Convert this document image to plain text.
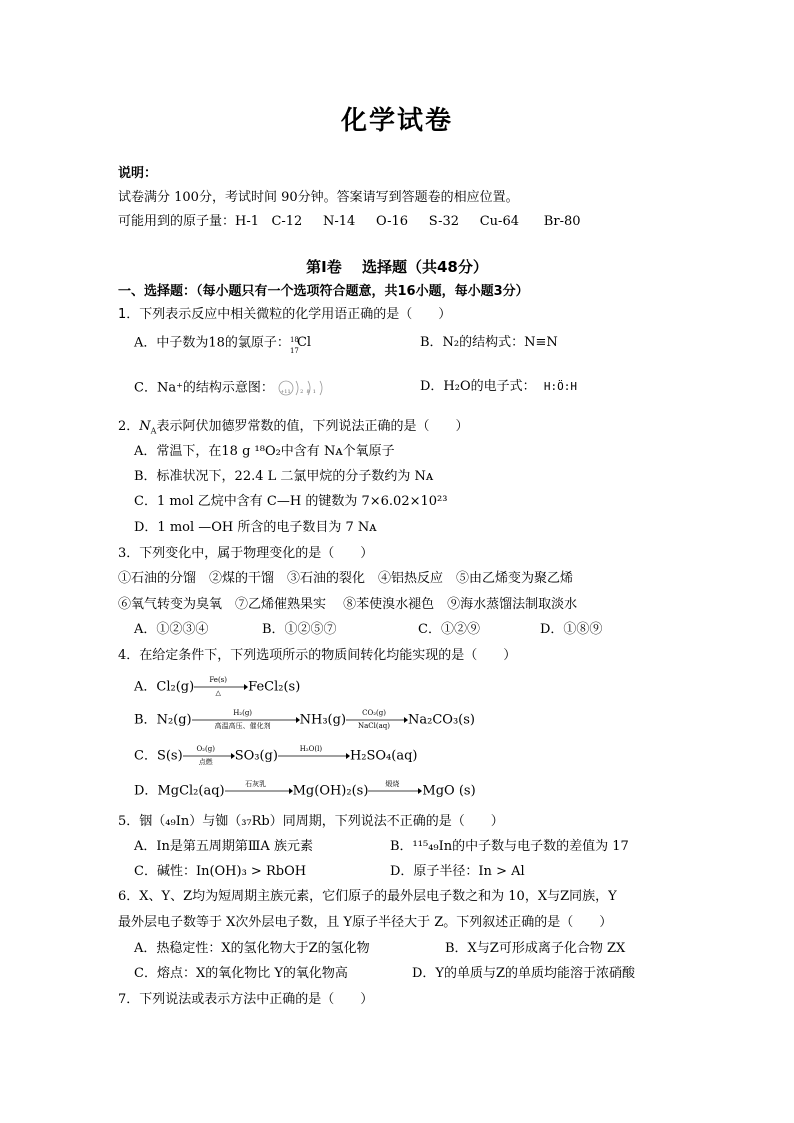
化学试卷
说明：
试卷满分 100分，考试时间 90分钟。答案请写到答题卷的相应位置。
可能用到的原子量：H-1 C-12 N-14 O-16 S-32 Cu-64 Br-80
第Ⅰ卷　 选择题（共48分）
一、选择题：（每小题只有一个选项符合题意，共16小题，每小题3分）
1．下列表示反应中相关微粒的化学用语正确的是（　　）
A．中子数为18的氯原子： 18
17
Cl	B．N₂的结构式：N≡N
C．Na⁺的结构示意图： +11 2  8  1	D．H₂O的电子式： H:Ö:H
2．$N_A$表示阿伏加德罗常数的值，下列说法正确的是（　　）
A．常温下，在18 g ¹⁸O₂中含有 Nᴀ个氧原子
B．标准状况下，22.4 L 二氯甲烷的分子数约为 Nᴀ
C．1 mol 乙烷中含有 C—H 的键数为 7×6.02×10²³
D．1 mol —OH 所含的电子数目为 7 Nᴀ
3．下列变化中，属于物理变化的是（　　）
①石油的分馏　②煤的干馏　③石油的裂化　④铝热反应　⑤由乙烯变为聚乙烯
⑥氧气转变为臭氧　⑦乙烯催熟果实　 ⑧苯使溴水褪色　⑨海水蒸馏法制取淡水
A．①②③④	B．①②⑤⑦	C．①②⑨	D．①⑧⑨
4．在给定条件下，下列选项所示的物质间转化均能实现的是（　　）
A．Cl₂(g)	Fe(s)
△	FeCl₂(s)
B．N₂(g)	H₂(g)
高温高压、催化剂	NH₃(g)	CO₂(g)
NaCl(aq)	Na₂CO₃(s)
C．S(s)	O₂(g)
点燃	SO₃(g)	H₂O(l)	H₂SO₄(aq)
D．MgCl₂(aq)	石灰乳	Mg(OH)₂(s)	煅烧	MgO (s)
5．铟（₄₉In）与铷（₃₇Rb）同周期，下列说法不正确的是（　　）
A．In是第五周期第ⅢA 族元素	B．¹¹⁵₄₉In的中子数与电子数的差值为 17
C．碱性：In(OH)₃ > RbOH	D．原子半径：In > Al
6．X、Y、Z均为短周期主族元素，它们原子的最外层电子数之和为 10，X与Z同族，Y
最外层电子数等于 X次外层电子数，且 Y原子半径大于 Z。下列叙述正确的是（　　）
A．热稳定性：X的氢化物大于Z的氢化物	B．X与Z可形成离子化合物 ZX
C．熔点：X的氧化物比 Y的氧化物高	D．Y的单质与Z的单质均能溶于浓硝酸
7．下列说法或表示方法中正确的是（　　）
